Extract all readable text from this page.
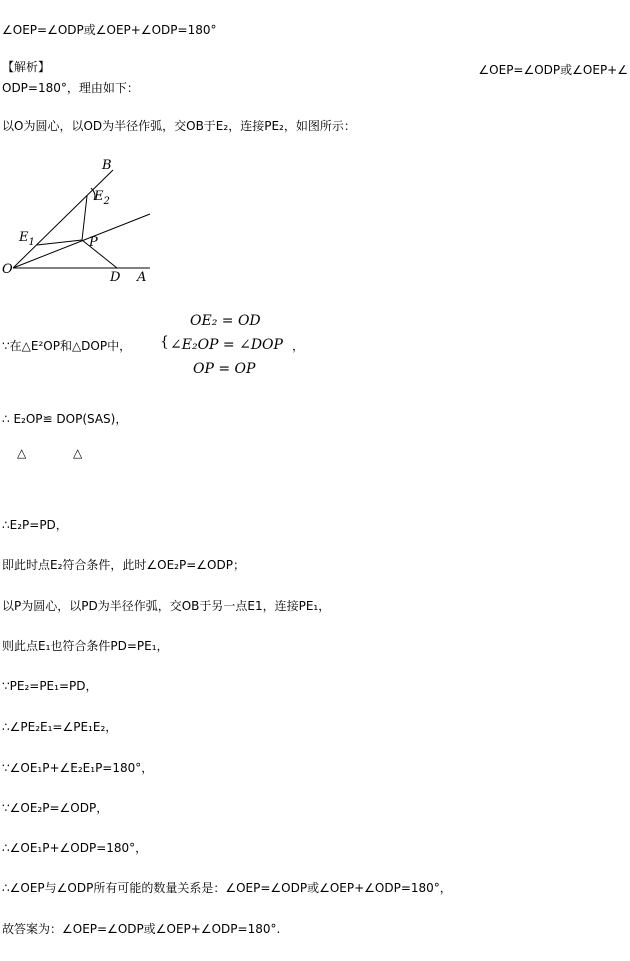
∠OEP=∠ODP或∠OEP+∠ODP=180°
【解析】	∠OEP=∠ODP或∠OEP+∠
ODP=180°，理由如下：
以O为圆心，以OD为半径作弧，交OB于E₂，连接PE₂，如图所示：
B
$E_2$
$E_1$	P
O
D A
∵在△E²OP和△DOP中， {
OE₂ = OD
∠E₂OP = ∠DOP
OP = OP
，
∴ E₂OP≌ DOP(SAS)，
△	△
∴E₂P=PD，
即此时点E₂符合条件，此时∠OE₂P=∠ODP；
以P为圆心，以PD为半径作弧，交OB于另一点E1，连接PE₁，
则此点E₁也符合条件PD=PE₁，
∵PE₂=PE₁=PD，
∴∠PE₂E₁=∠PE₁E₂，
∵∠OE₁P+∠E₂E₁P=180°，
∵∠OE₂P=∠ODP，
∴∠OE₁P+∠ODP=180°，
∴∠OEP与∠ODP所有可能的数量关系是：∠OEP=∠ODP或∠OEP+∠ODP=180°，
故答案为：∠OEP=∠ODP或∠OEP+∠ODP=180°.
